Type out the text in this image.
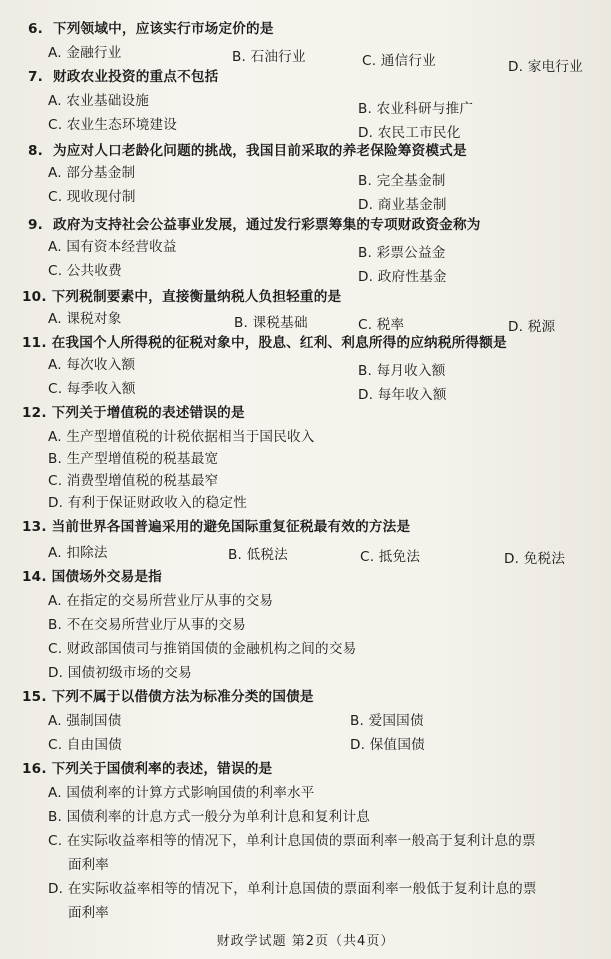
6. 下列领域中，应该实行市场定价的是
A. 金融行业	B. 石油行业	C. 通信行业	D. 家电行业
7. 财政农业投资的重点不包括
A. 农业基础设施	B. 农业科研与推广
C. 农业生态环境建设	D. 农民工市民化
8. 为应对人口老龄化问题的挑战，我国目前采取的养老保险筹资模式是
A. 部分基金制	B. 完全基金制
C. 现收现付制	D. 商业基金制
9. 政府为支持社会公益事业发展，通过发行彩票筹集的专项财政资金称为
A. 国有资本经营收益	B. 彩票公益金
C. 公共收费	D. 政府性基金
10. 下列税制要素中，直接衡量纳税人负担轻重的是
A. 课税对象	B. 课税基础	C. 税率	D. 税源
11. 在我国个人所得税的征税对象中，股息、红利、利息所得的应纳税所得额是
A. 每次收入额	B. 每月收入额
C. 每季收入额	D. 每年收入额
12. 下列关于增值税的表述错误的是
A. 生产型增值税的计税依据相当于国民收入
B. 生产型增值税的税基最宽
C. 消费型增值税的税基最窄
D. 有利于保证财政收入的稳定性
13. 当前世界各国普遍采用的避免国际重复征税最有效的方法是
A. 扣除法	B. 低税法	C. 抵免法	D. 免税法
14. 国债场外交易是指
A. 在指定的交易所营业厅从事的交易
B. 不在交易所营业厅从事的交易
C. 财政部国债司与推销国债的金融机构之间的交易
D. 国债初级市场的交易
15. 下列不属于以借债方法为标准分类的国债是
A. 强制国债	B. 爱国国债
C. 自由国债	D. 保值国债
16. 下列关于国债利率的表述，错误的是
A. 国债利率的计算方式影响国债的利率水平
B. 国债利率的计息方式一般分为单利计息和复利计息
C. 在实际收益率相等的情况下，单利计息国债的票面利率一般高于复利计息的票
面利率
D. 在实际收益率相等的情况下，单利计息国债的票面利率一般低于复利计息的票
面利率
财政学试题 第2页（共4页）
